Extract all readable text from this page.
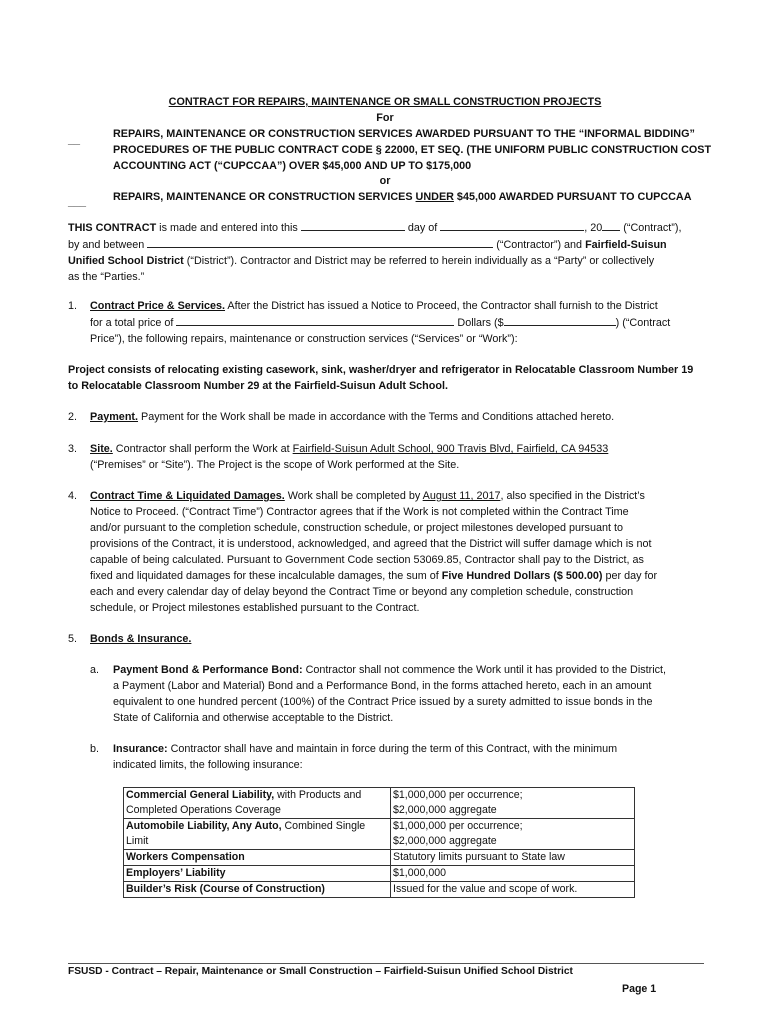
CONTRACT FOR REPAIRS, MAINTENANCE OR SMALL CONSTRUCTION PROJECTS
For
__	REPAIRS, MAINTENANCE OR CONSTRUCTION SERVICES AWARDED PURSUANT TO THE “INFORMAL BIDDING”
PROCEDURES OF THE PUBLIC CONTRACT CODE § 22000, ET SEQ. (THE UNIFORM PUBLIC CONSTRUCTION COST
ACCOUNTING ACT (“CUPCCAA”) OVER $45,000 AND UP TO $175,000
or
___ REPAIRS, MAINTENANCE OR CONSTRUCTION SERVICES UNDER $45,000 AWARDED PURSUANT TO CUPCCAA
THIS CONTRACT is made and entered into this	day of	, 20 (“Contract”),
by and between	(“Contractor”) and Fairfield-Suisun
Unified School District (“District”). Contractor and District may be referred to herein individually as a “Party” or collectively
as the “Parties.”
1. Contract Price & Services. After the District has issued a Notice to Proceed, the Contractor shall furnish to the District
for a total price of	Dollars ($	) (“Contract
Price”), the following repairs, maintenance or construction services (“Services” or “Work”):
Project consists of relocating existing casework, sink, washer/dryer and refrigerator in Relocatable Classroom Number 19
to Relocatable Classroom Number 29 at the Fairfield-Suisun Adult School.
2. Payment. Payment for the Work shall be made in accordance with the Terms and Conditions attached hereto.
3. Site. Contractor shall perform the Work at Fairfield-Suisun Adult School, 900 Travis Blvd, Fairfield, CA 94533
(“Premises” or “Site”). The Project is the scope of Work performed at the Site.
4. Contract Time & Liquidated Damages. Work shall be completed by August 11, 2017, also specified in the District’s
Notice to Proceed. (“Contract Time”) Contractor agrees that if the Work is not completed within the Contract Time
and/or pursuant to the completion schedule, construction schedule, or project milestones developed pursuant to
provisions of the Contract, it is understood, acknowledged, and agreed that the District will suffer damage which is not
capable of being calculated. Pursuant to Government Code section 53069.85, Contractor shall pay to the District, as
fixed and liquidated damages for these incalculable damages, the sum of Five Hundred Dollars ($ 500.00) per day for
each and every calendar day of delay beyond the Contract Time or beyond any completion schedule, construction
schedule, or Project milestones established pursuant to the Contract.
5. Bonds & Insurance.
a. Payment Bond & Performance Bond: Contractor shall not commence the Work until it has provided to the District,
a Payment (Labor and Material) Bond and a Performance Bond, in the forms attached hereto, each in an amount
equivalent to one hundred percent (100%) of the Contract Price issued by a surety admitted to issue bonds in the
State of California and otherwise acceptable to the District.
b. Insurance: Contractor shall have and maintain in force during the term of this Contract, with the minimum
indicated limits, the following insurance:
Commercial General Liability, with Products and
Completed Operations Coverage	$1,000,000 per occurrence;
$2,000,000 aggregate
Automobile Liability, Any Auto, Combined Single
Limit	$1,000,000 per occurrence;
$2,000,000 aggregate
Workers Compensation	Statutory limits pursuant to State law
Employers’ Liability	$1,000,000
Builder’s Risk (Course of Construction)	Issued for the value and scope of work.
FSUSD - Contract – Repair, Maintenance or Small Construction – Fairfield-Suisun Unified School District
Page 1
